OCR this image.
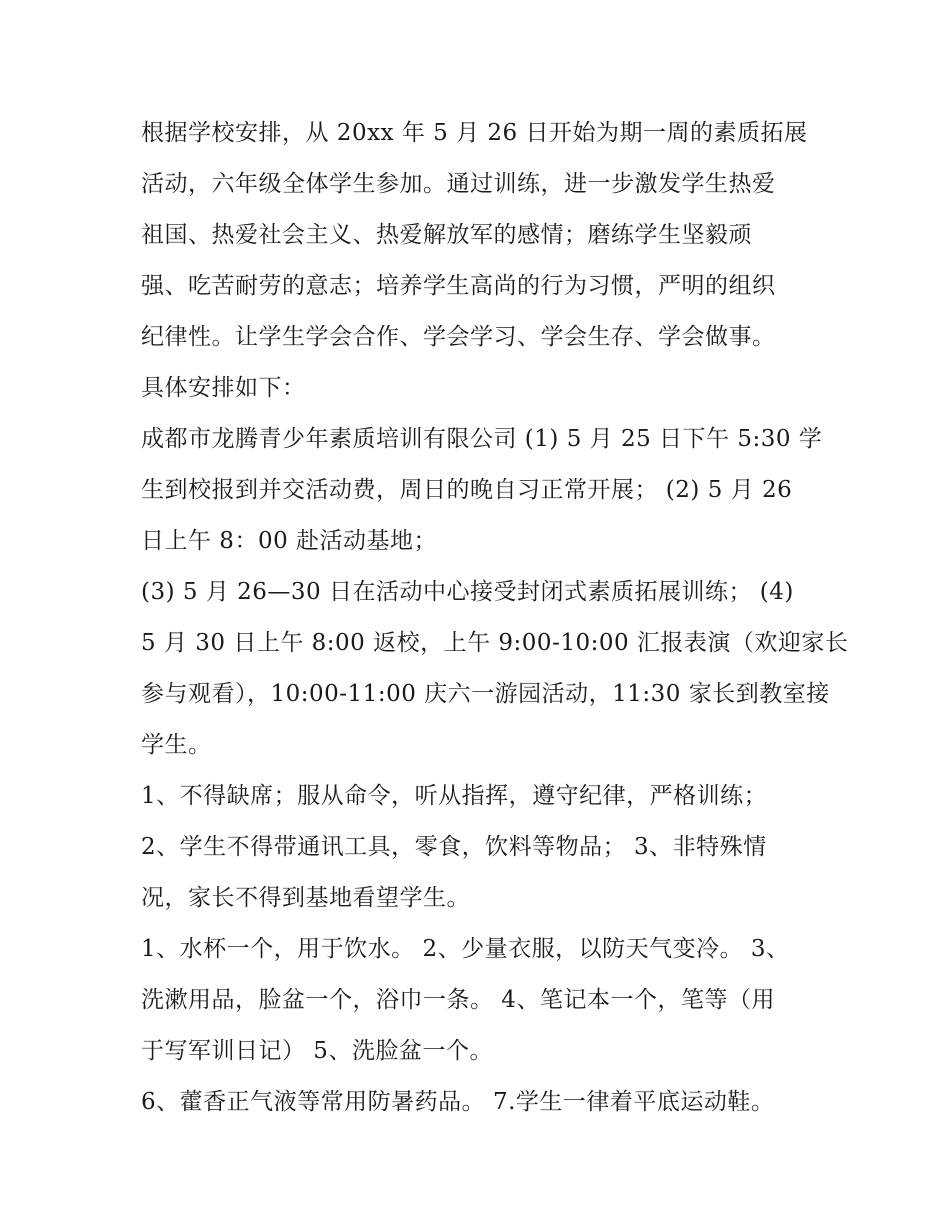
根据学校安排，从 20xx 年 5 月 26 日开始为期一周的素质拓展
活动，六年级全体学生参加。通过训练，进一步激发学生热爱
祖国、热爱社会主义、热爱解放军的感情；磨练学生坚毅顽
强、吃苦耐劳的意志；培养学生高尚的行为习惯，严明的组织
纪律性。让学生学会合作、学会学习、学会生存、学会做事。
具体安排如下：
成都市龙腾青少年素质培训有限公司 (1) 5 月 25 日下午 5:30 学
生到校报到并交活动费，周日的晚自习正常开展； (2) 5 月 26
日上午 8：00 赴活动基地；
(3) 5 月 26—30 日在活动中心接受封闭式素质拓展训练； (4)
5 月 30 日上午 8:00 返校，上午 9:00-10:00 汇报表演（欢迎家长
参与观看），10:00-11:00 庆六一游园活动，11:30 家长到教室接
学生。
1、不得缺席；服从命令，听从指挥，遵守纪律，严格训练；
2、学生不得带通讯工具，零食，饮料等物品； 3、非特殊情
况，家长不得到基地看望学生。
1、水杯一个，用于饮水。 2、少量衣服，以防天气变冷。 3、
洗漱用品，脸盆一个，浴巾一条。 4、笔记本一个，笔等（用
于写军训日记） 5、洗脸盆一个。
6、藿香正气液等常用防暑药品。 7.学生一律着平底运动鞋。
